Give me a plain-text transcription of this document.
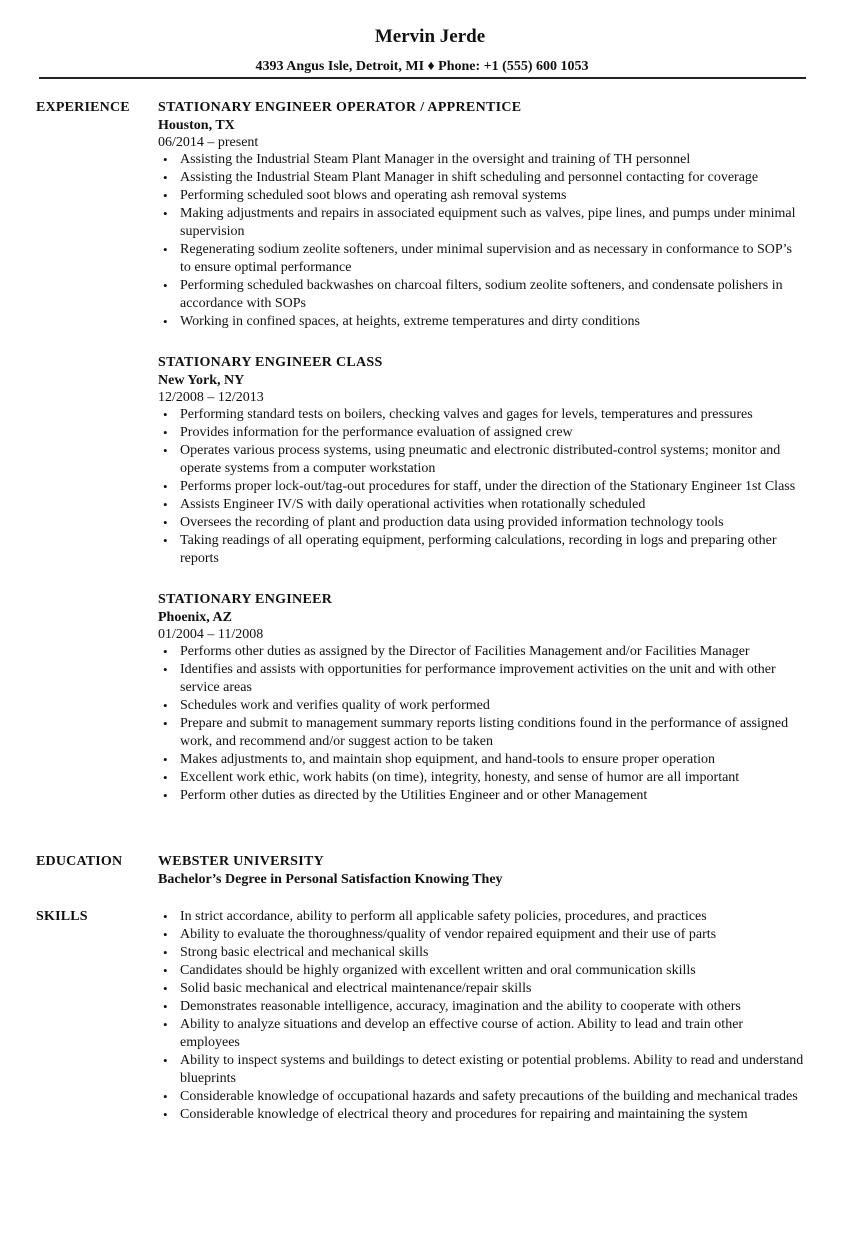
Mervin Jerde
4393 Angus Isle, Detroit, MI ♦ Phone: +1 (555) 600 1053
EXPERIENCE STATIONARY ENGINEER OPERATOR / APPRENTICE
Houston, TX
06/2014 – present
• Assisting the Industrial Steam Plant Manager in the oversight and training of TH personnel
• Assisting the Industrial Steam Plant Manager in shift scheduling and personnel contacting for coverage
• Performing scheduled soot blows and operating ash removal systems
• Making adjustments and repairs in associated equipment such as valves, pipe lines, and pumps under minimal supervision
• Regenerating sodium zeolite softeners, under minimal supervision and as necessary in conformance to SOP’s to ensure optimal performance
• Performing scheduled backwashes on charcoal filters, sodium zeolite softeners, and condensate polishers in accordance with SOPs
• Working in confined spaces, at heights, extreme temperatures and dirty conditions
STATIONARY ENGINEER CLASS
New York, NY
12/2008 – 12/2013
• Performing standard tests on boilers, checking valves and gages for levels, temperatures and pressures
• Provides information for the performance evaluation of assigned crew
• Operates various process systems, using pneumatic and electronic distributed-control systems; monitor and operate systems from a computer workstation
• Performs proper lock-out/tag-out procedures for staff, under the direction of the Stationary Engineer 1st Class
• Assists Engineer IV/S with daily operational activities when rotationally scheduled
• Oversees the recording of plant and production data using provided information technology tools
• Taking readings of all operating equipment, performing calculations, recording in logs and preparing other reports
STATIONARY ENGINEER
Phoenix, AZ
01/2004 – 11/2008
• Performs other duties as assigned by the Director of Facilities Management and/or Facilities Manager
• Identifies and assists with opportunities for performance improvement activities on the unit and with other service areas
• Schedules work and verifies quality of work performed
• Prepare and submit to management summary reports listing conditions found in the performance of assigned work, and recommend and/or suggest action to be taken
• Makes adjustments to, and maintain shop equipment, and hand-tools to ensure proper operation
• Excellent work ethic, work habits (on time), integrity, honesty, and sense of humor are all important
• Perform other duties as directed by the Utilities Engineer and or other Management
EDUCATION	WEBSTER UNIVERSITY
Bachelor’s Degree in Personal Satisfaction Knowing They
SKILLS	• In strict accordance, ability to perform all applicable safety policies, procedures, and practices
• Ability to evaluate the thoroughness/quality of vendor repaired equipment and their use of parts
• Strong basic electrical and mechanical skills
• Candidates should be highly organized with excellent written and oral communication skills
• Solid basic mechanical and electrical maintenance/repair skills
• Demonstrates reasonable intelligence, accuracy, imagination and the ability to cooperate with others
• Ability to analyze situations and develop an effective course of action. Ability to lead and train other employees
• Ability to inspect systems and buildings to detect existing or potential problems. Ability to read and understand blueprints
• Considerable knowledge of occupational hazards and safety precautions of the building and mechanical trades
• Considerable knowledge of electrical theory and procedures for repairing and maintaining the system
